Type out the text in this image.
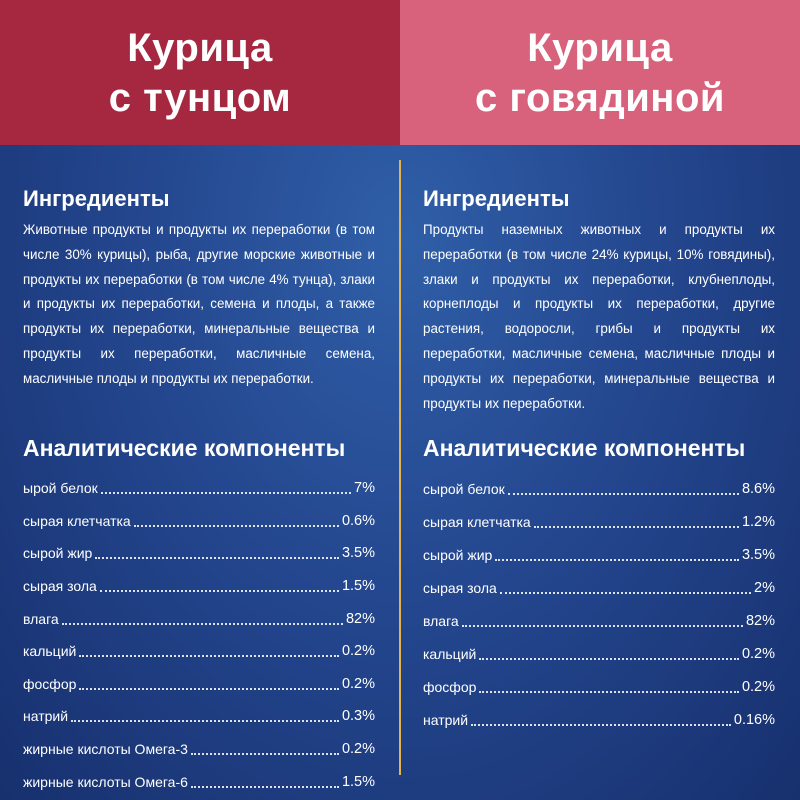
Курица
с тунцом
Ингредиенты

Животные продукты и продукты их переработки (в том числе 30% курицы), рыба, другие морские животные и продукты их переработки (в том числе 4% тунца), злаки и продукты их переработки, семена и плоды, а также продукты их переработки, минеральные вещества и продукты их переработки, масличные семена, масличные плоды и продукты их переработки.

Аналитические компоненты
ырой белок	7%
сырая клетчатка	0.6%
сырой жир	3.5%
сырая зола	1.5%
влага	82%
кальций	0.2%
фосфор	0.2%
натрий	0.3%
жирные кислоты Омега-3	0.2%
жирные кислоты Омега-6	1.5%
Курица
с говядиной
Ингредиенты

Продукты наземных животных и продукты их переработки (в том числе 24% курицы, 10% говядины), злаки и продукты их переработки, клубнеплоды, корнеплоды и продукты их переработки, другие растения, водоросли, грибы и продукты их переработки, масличные семена, масличные плоды и продукты их переработки, минеральные вещества и продукты их переработки.

Аналитические компоненты
сырой белок	8.6%
сырая клетчатка	1.2%
сырой жир	3.5%
сырая зола	2%
влага	82%
кальций	0.2%
фосфор	0.2%
натрий	0.16%
